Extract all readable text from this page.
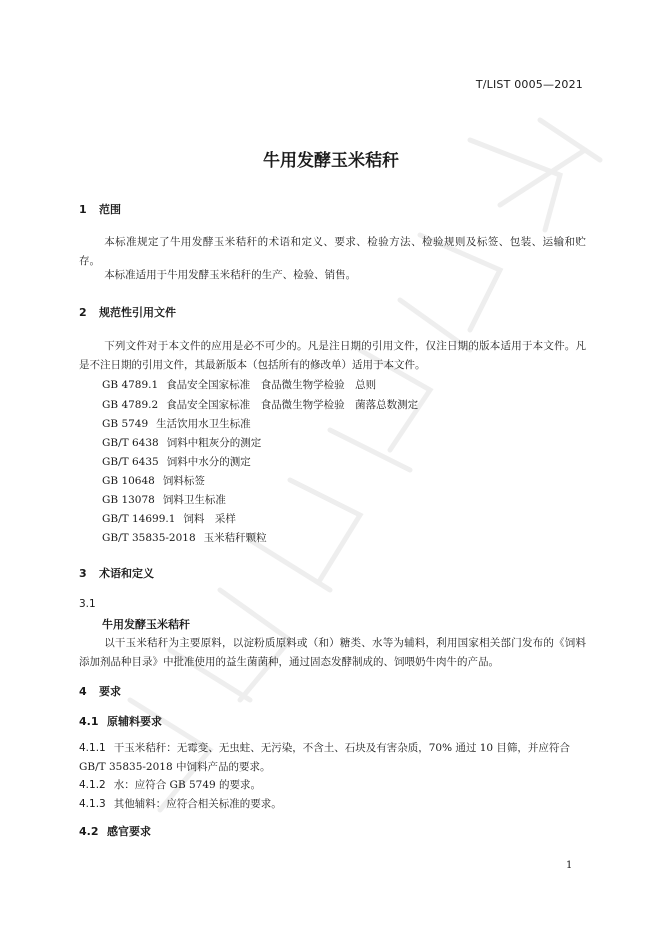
T/LIST 0005—2021
牛用发酵玉米秸秆
1 范围
本标准规定了牛用发酵玉米秸秆的术语和定义、要求、检验方法、检验规则及标签、包装、运输和贮存。
本标准适用于牛用发酵玉米秸秆的生产、检验、销售。
2 规范性引用文件
下列文件对于本文件的应用是必不可少的。凡是注日期的引用文件，仅注日期的版本适用于本文件。凡是不注日期的引用文件，其最新版本（包括所有的修改单）适用于本文件。
GB 4789.1 食品安全国家标准　食品微生物学检验　总则
GB 4789.2 食品安全国家标准　食品微生物学检验　菌落总数测定
GB 5749 生活饮用水卫生标准
GB/T 6438 饲料中粗灰分的测定
GB/T 6435 饲料中水分的测定
GB 10648 饲料标签
GB 13078 饲料卫生标准
GB/T 14699.1 饲料　采样
GB/T 35835-2018 玉米秸秆颗粒
3 术语和定义
3.1
牛用发酵玉米秸秆
以干玉米秸秆为主要原料，以淀粉质原料或（和）糖类、水等为辅料，利用国家相关部门发布的《饲料添加剂品种目录》中批准使用的益生菌菌种，通过固态发酵制成的、饲喂奶牛肉牛的产品。
4 要求
4.1 原辅料要求
4.1.1 干玉米秸秆：无霉变、无虫蛀、无污染，不含土、石块及有害杂质，70% 通过 10 目筛，并应符合 GB/T 35835-2018 中饲料产品的要求。
4.1.2 水：应符合 GB 5749 的要求。
4.1.3 其他辅料：应符合相关标准的要求。
4.2 感官要求
1
